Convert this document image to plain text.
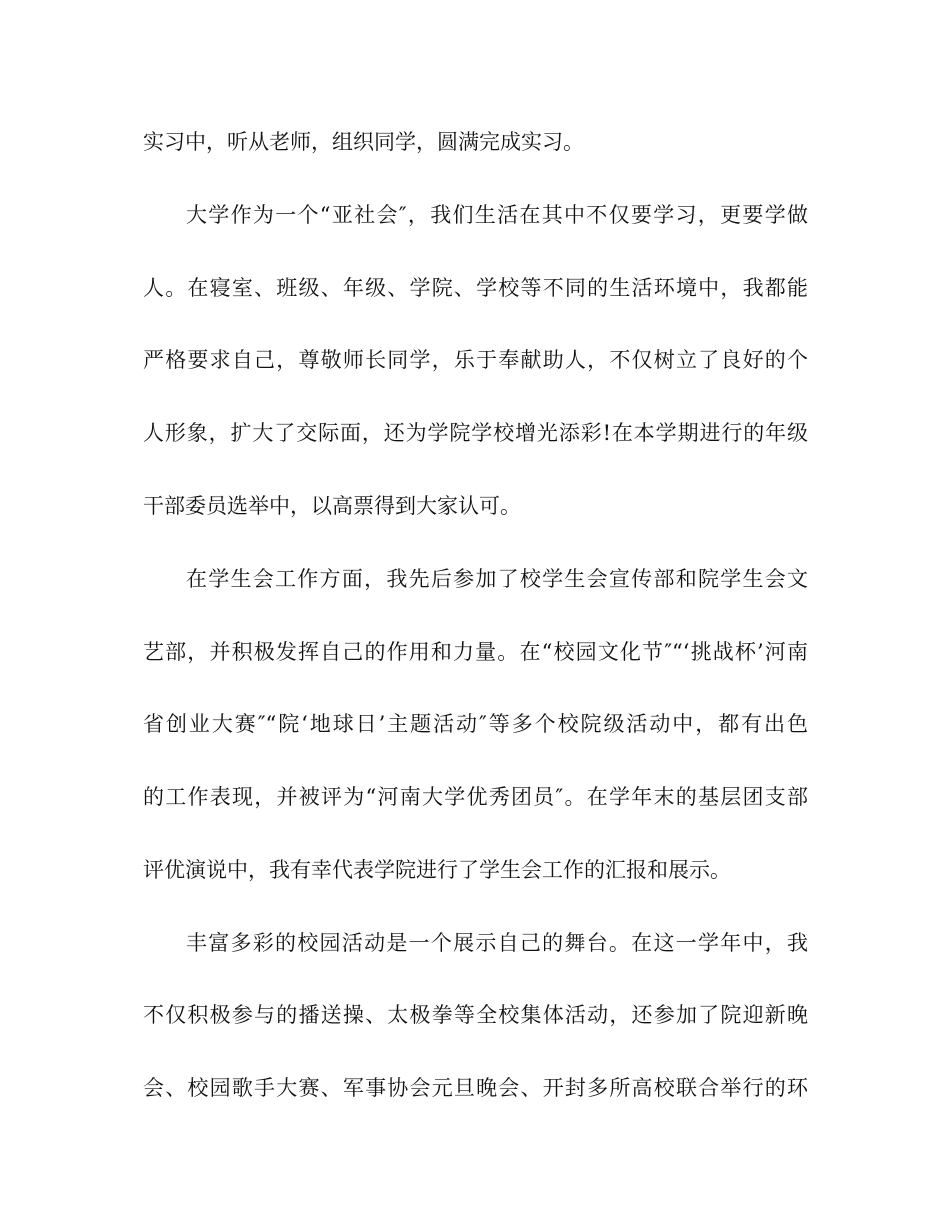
实习中，听从老师，组织同学，圆满完成实习。
大学作为一个“亚社会″，我们生活在其中不仅要学习，更要学做
人。在寝室、班级、年级、学院、学校等不同的生活环境中，我都能
严格要求自己，尊敬师长同学，乐于奉献助人，不仅树立了良好的个
人形象，扩大了交际面，还为学院学校增光添彩!在本学期进行的年级
干部委员选举中，以高票得到大家认可。
在学生会工作方面，我先后参加了校学生会宣传部和院学生会文
艺部，并积极发挥自己的作用和力量。在“校园文化节″“‘挑战杯’河南
省创业大赛″“院‘地球日’主题活动″等多个校院级活动中，都有出色
的工作表现，并被评为“河南大学优秀团员″。在学年末的基层团支部
评优演说中，我有幸代表学院进行了学生会工作的汇报和展示。
丰富多彩的校园活动是一个展示自己的舞台。在这一学年中，我
不仅积极参与的播送操、太极拳等全校集体活动，还参加了院迎新晚
会、校园歌手大赛、军事协会元旦晚会、开封多所高校联合举行的环
